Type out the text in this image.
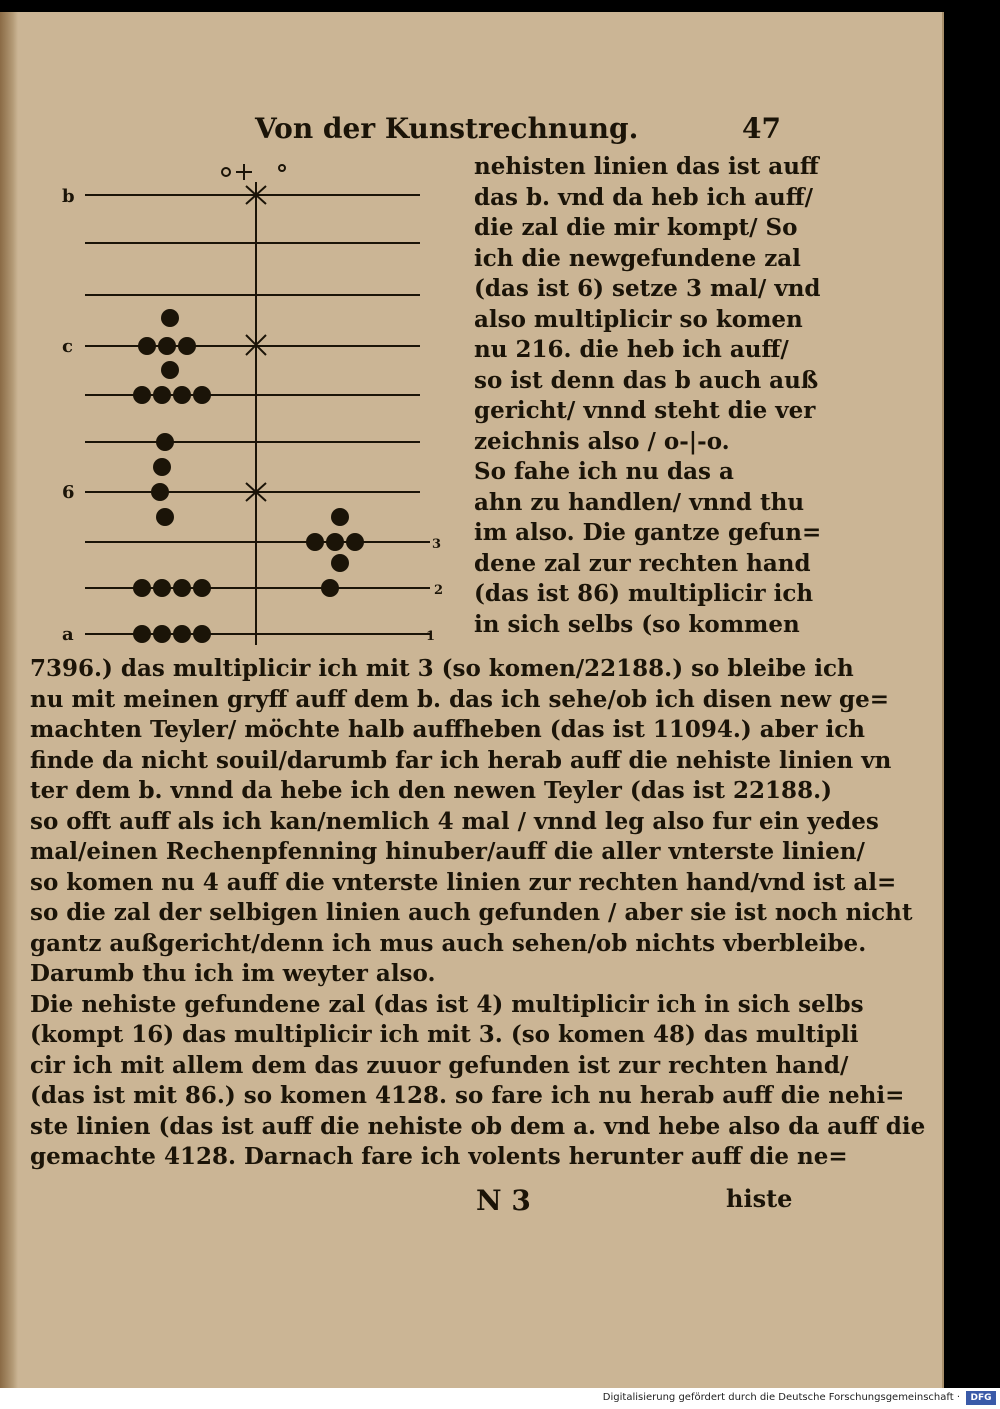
Von der Kunstrechnung.	47
b
c
6
a
3
2
1
nehisten linien das ist auff
das b. vnd da heb ich auff/
die zal die mir kompt/ So
ich die newgefundene zal
(das ist 6) setze 3 mal/ vnd
also multiplicir so komen
nu 216. die heb ich auff/
so ist denn das b auch auß
gericht/ vnnd steht die ver
zeichnis also / o-|-o.
So fahe ich nu das a
ahn zu handlen/ vnnd thu
im also. Die gantze gefun=
dene zal zur rechten hand
(das ist 86) multiplicir ich
in sich selbs (so kommen
7396.) das multiplicir ich mit 3 (so komen/22188.) so bleibe ich
nu mit meinen gryff auff dem b. das ich sehe/ob ich disen new ge=
machten Teyler/ möchte halb auffheben (das ist 11094.) aber ich
finde da nicht souil/darumb far ich herab auff die nehiste linien vn
ter dem b. vnnd da hebe ich den newen Teyler (das ist 22188.)
so offt auff als ich kan/nemlich 4 mal / vnnd leg also fur ein yedes
mal/einen Rechenpfenning hinuber/auff die aller vnterste linien/
so komen nu 4 auff die vnterste linien zur rechten hand/vnd ist al=
so die zal der selbigen linien auch gefunden / aber sie ist noch nicht
gantz außgericht/denn ich mus auch sehen/ob nichts vberbleibe.
Darumb thu ich im weyter also.
Die nehiste gefundene zal (das ist 4) multiplicir ich in sich selbs
(kompt 16) das multiplicir ich mit 3. (so komen 48) das multipli
cir ich mit allem dem das zuuor gefunden ist zur rechten hand/
(das ist mit 86.) so komen 4128. so fare ich nu herab auff die nehi=
ste linien (das ist auff die nehiste ob dem a. vnd hebe also da auff die
gemachte 4128. Darnach fare ich volents herunter auff die ne=
N 3	histe
Digitalisierung gefördert durch die Deutsche Forschungsgemeinschaft ·	DFG
